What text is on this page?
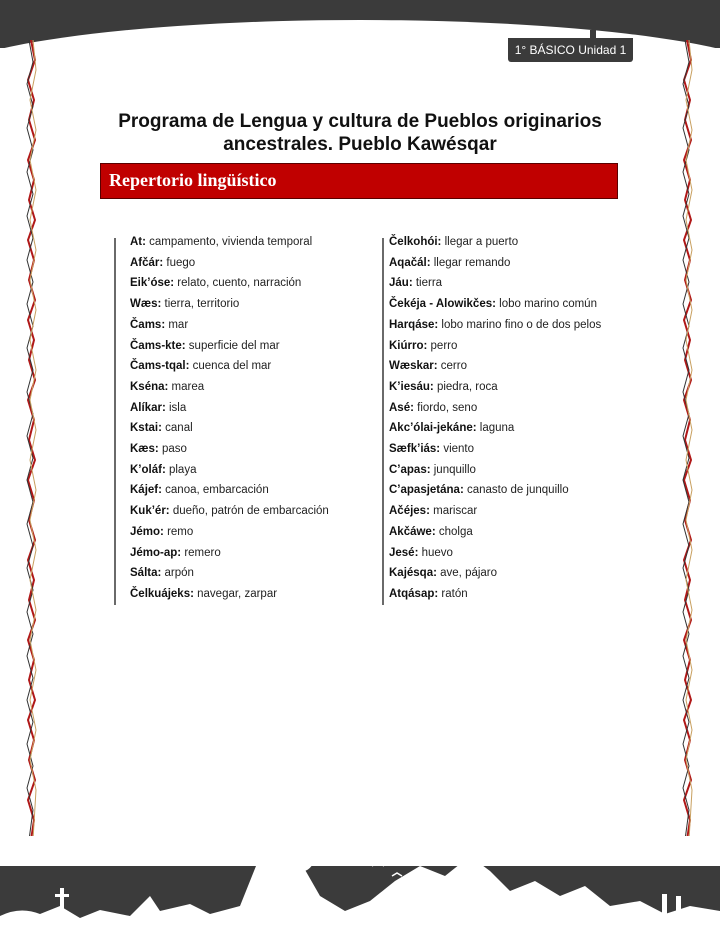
1° BÁSICO Unidad 1
Programa de Lengua y cultura de Pueblos originarios
ancestrales. Pueblo Kawésqar
Repertorio lingüístico
At: campamento, vivienda temporal
Afčár: fuego
Eik’óse: relato, cuento, narración
Wæs: tierra, territorio
Čams: mar
Čams-kte: superficie del mar
Čams-tqal: cuenca del mar
Kséna: marea
Alíkar: isla
Kstai: canal
Kæs: paso
K’oláf: playa
Kájef: canoa, embarcación
Kuk’ér: dueño, patrón de embarcación
Jémo: remo
Jémo-ap: remero
Sálta: arpón
Čelkuájeks: navegar, zarpar
Čelkohói: llegar a puerto
Aqačál: llegar remando
Jáu: tierra
Čekéja - Alowikčes: lobo marino común
Harqáse: lobo marino fino o de dos pelos
Kiúrro: perro
Wæskar: cerro
K’iesáu: piedra, roca
Asé: fiordo, seno
Akc’ólai-jekáne: laguna
Sæfk’iás: viento
C’apas: junquillo
C’apasjetána: canasto de junquillo
Ačéjes: mariscar
Akčáwe: cholga
Jesé: huevo
Kajésqa: ave, pájaro
Atqásap: ratón
